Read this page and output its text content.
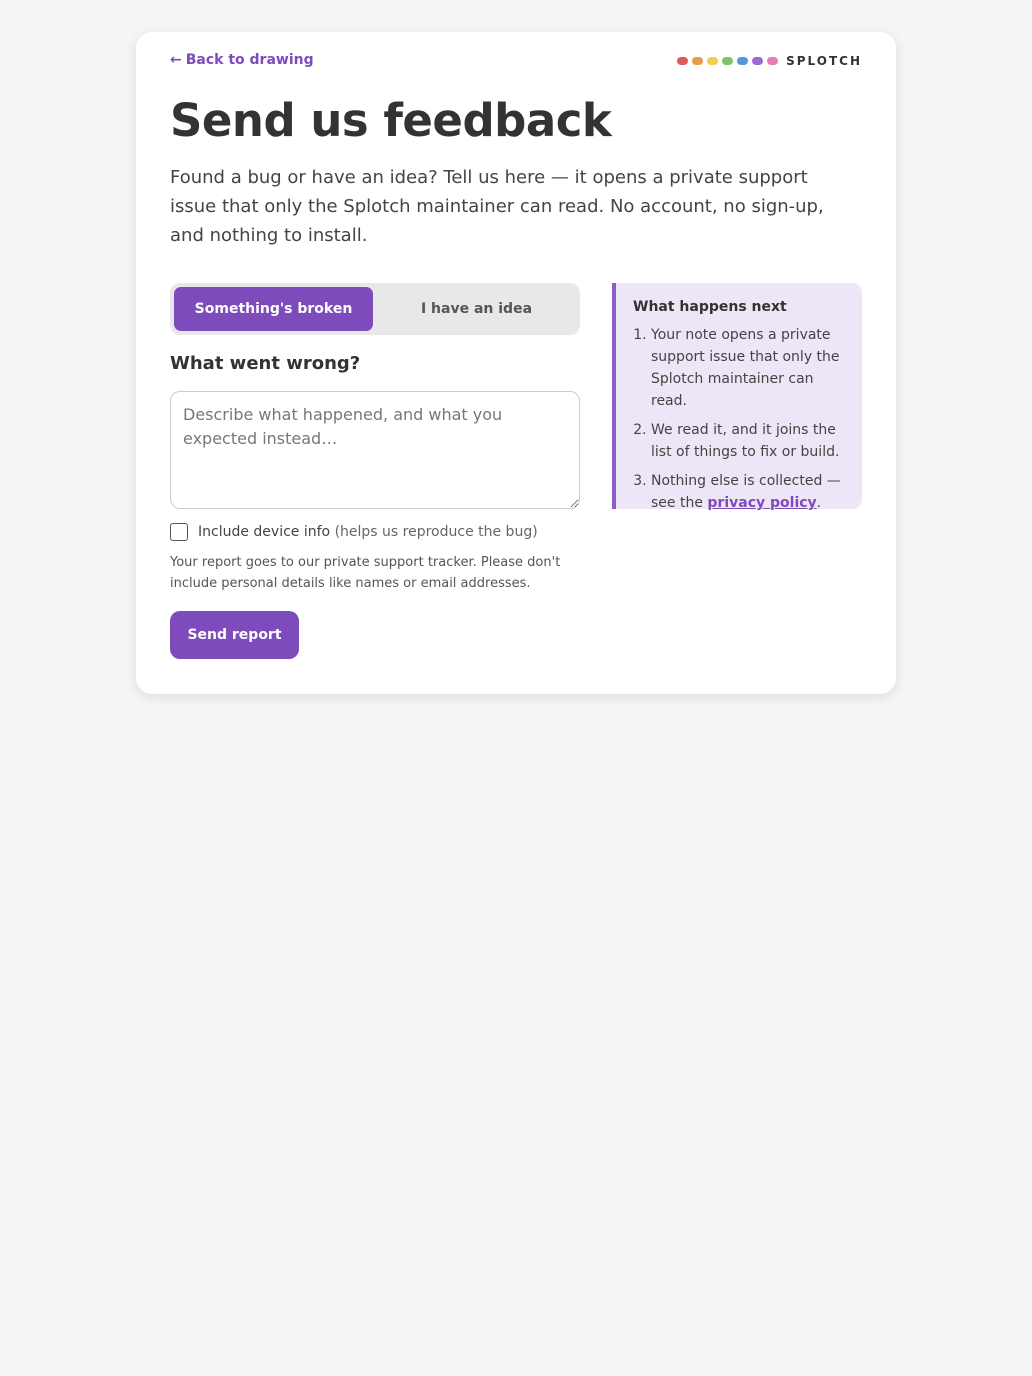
← Back to drawing	SPLOTCH
Send us feedback

Found a bug or have an idea? Tell us here — it opens a private support issue that only the Splotch maintainer can read. No account, no sign-up, and nothing to install.

Something's broken	I have an idea
What went wrong?
Describe what happened, and what you expected instead…
Include device info (helps us reproduce the bug)

Your report goes to our private support tracker. Please don't include personal details like names or email addresses.

Send report
What happens next
1. Your note opens a private support issue that only the Splotch maintainer can read.
2. We read it, and it joins the list of things to fix or build.
3. Nothing else is collected — see the privacy policy.
